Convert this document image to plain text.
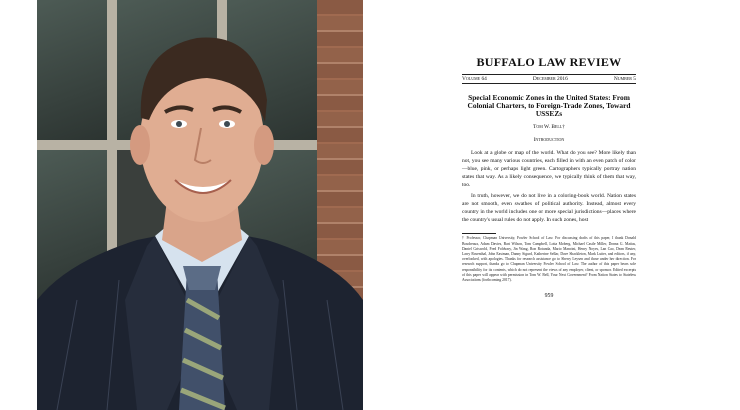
BUFFALO LAW REVIEW
Volume 64	December 2016	Number 5
Special Economic Zones in the United States: From Colonial Charters, to Foreign-Trade Zones, Toward USSEZs
Tom W. Bell†
Introduction

Look at a globe or map of the world. What do you see? More likely than not, you see many various countries, each filled in with an even patch of color—blue, pink, or perhaps light green. Cartographers typically portray nation states that way. As a likely consequence, we typically think of them that way, too.

In truth, however, we do not live in a coloring-book world. Nation states are not smooth, even swathes of political authority. Instead, almost every country in the world includes one or more special jurisdictions—places where the country's usual rules do not apply. In such zones, host

† Professor, Chapman University, Fowler School of Law. For discussing drafts of this paper, I thank Donald Boudreaux, Adam Davies, Bart Wilson, Tom Campbell, Lotta Moberg, Michael Castle Miller, Donna G. Matias, Daniel Griswold, Fred Foldvary, Jin Wang, Ron Rotunda, Mario Mancini, Henry Noyes, Lan Cao, Dean Reuter, Larry Rosenthal, John Eastman, Danny Sigurd, Katherine Sellar, Dave Shackleton, Mark Lutter, and editors, if any, overlooked, with apologies. Thanks for research assistance go to Sherry Leysen and those under her direction. For research support, thanks go to Chapman University Fowler School of Law. The author of this paper bears sole responsibility for its contents, which do not represent the views of any employer, client, or sponsor. Edited excerpts of this paper will appear with permission in Tom W. Bell, Your Next Government? From Nation States to Stateless Associations (forthcoming 2017).
959
